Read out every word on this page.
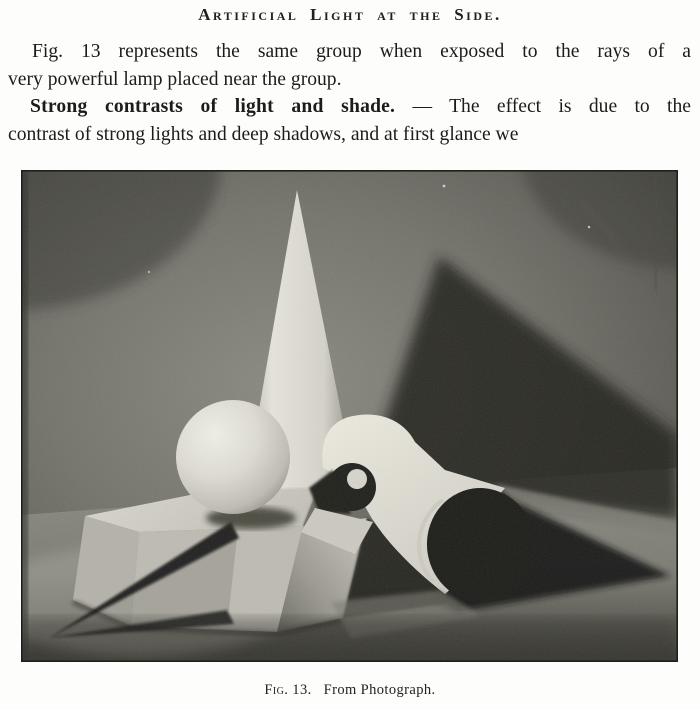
Artificial Light at the Side.
Fig. 13 represents the same group when exposed to the rays of a
very powerful lamp placed near the group.
Strong contrasts of light and shade. — The effect is due to the
contrast of strong lights and deep shadows, and at first glance we
Fig. 13. From Photograph.
